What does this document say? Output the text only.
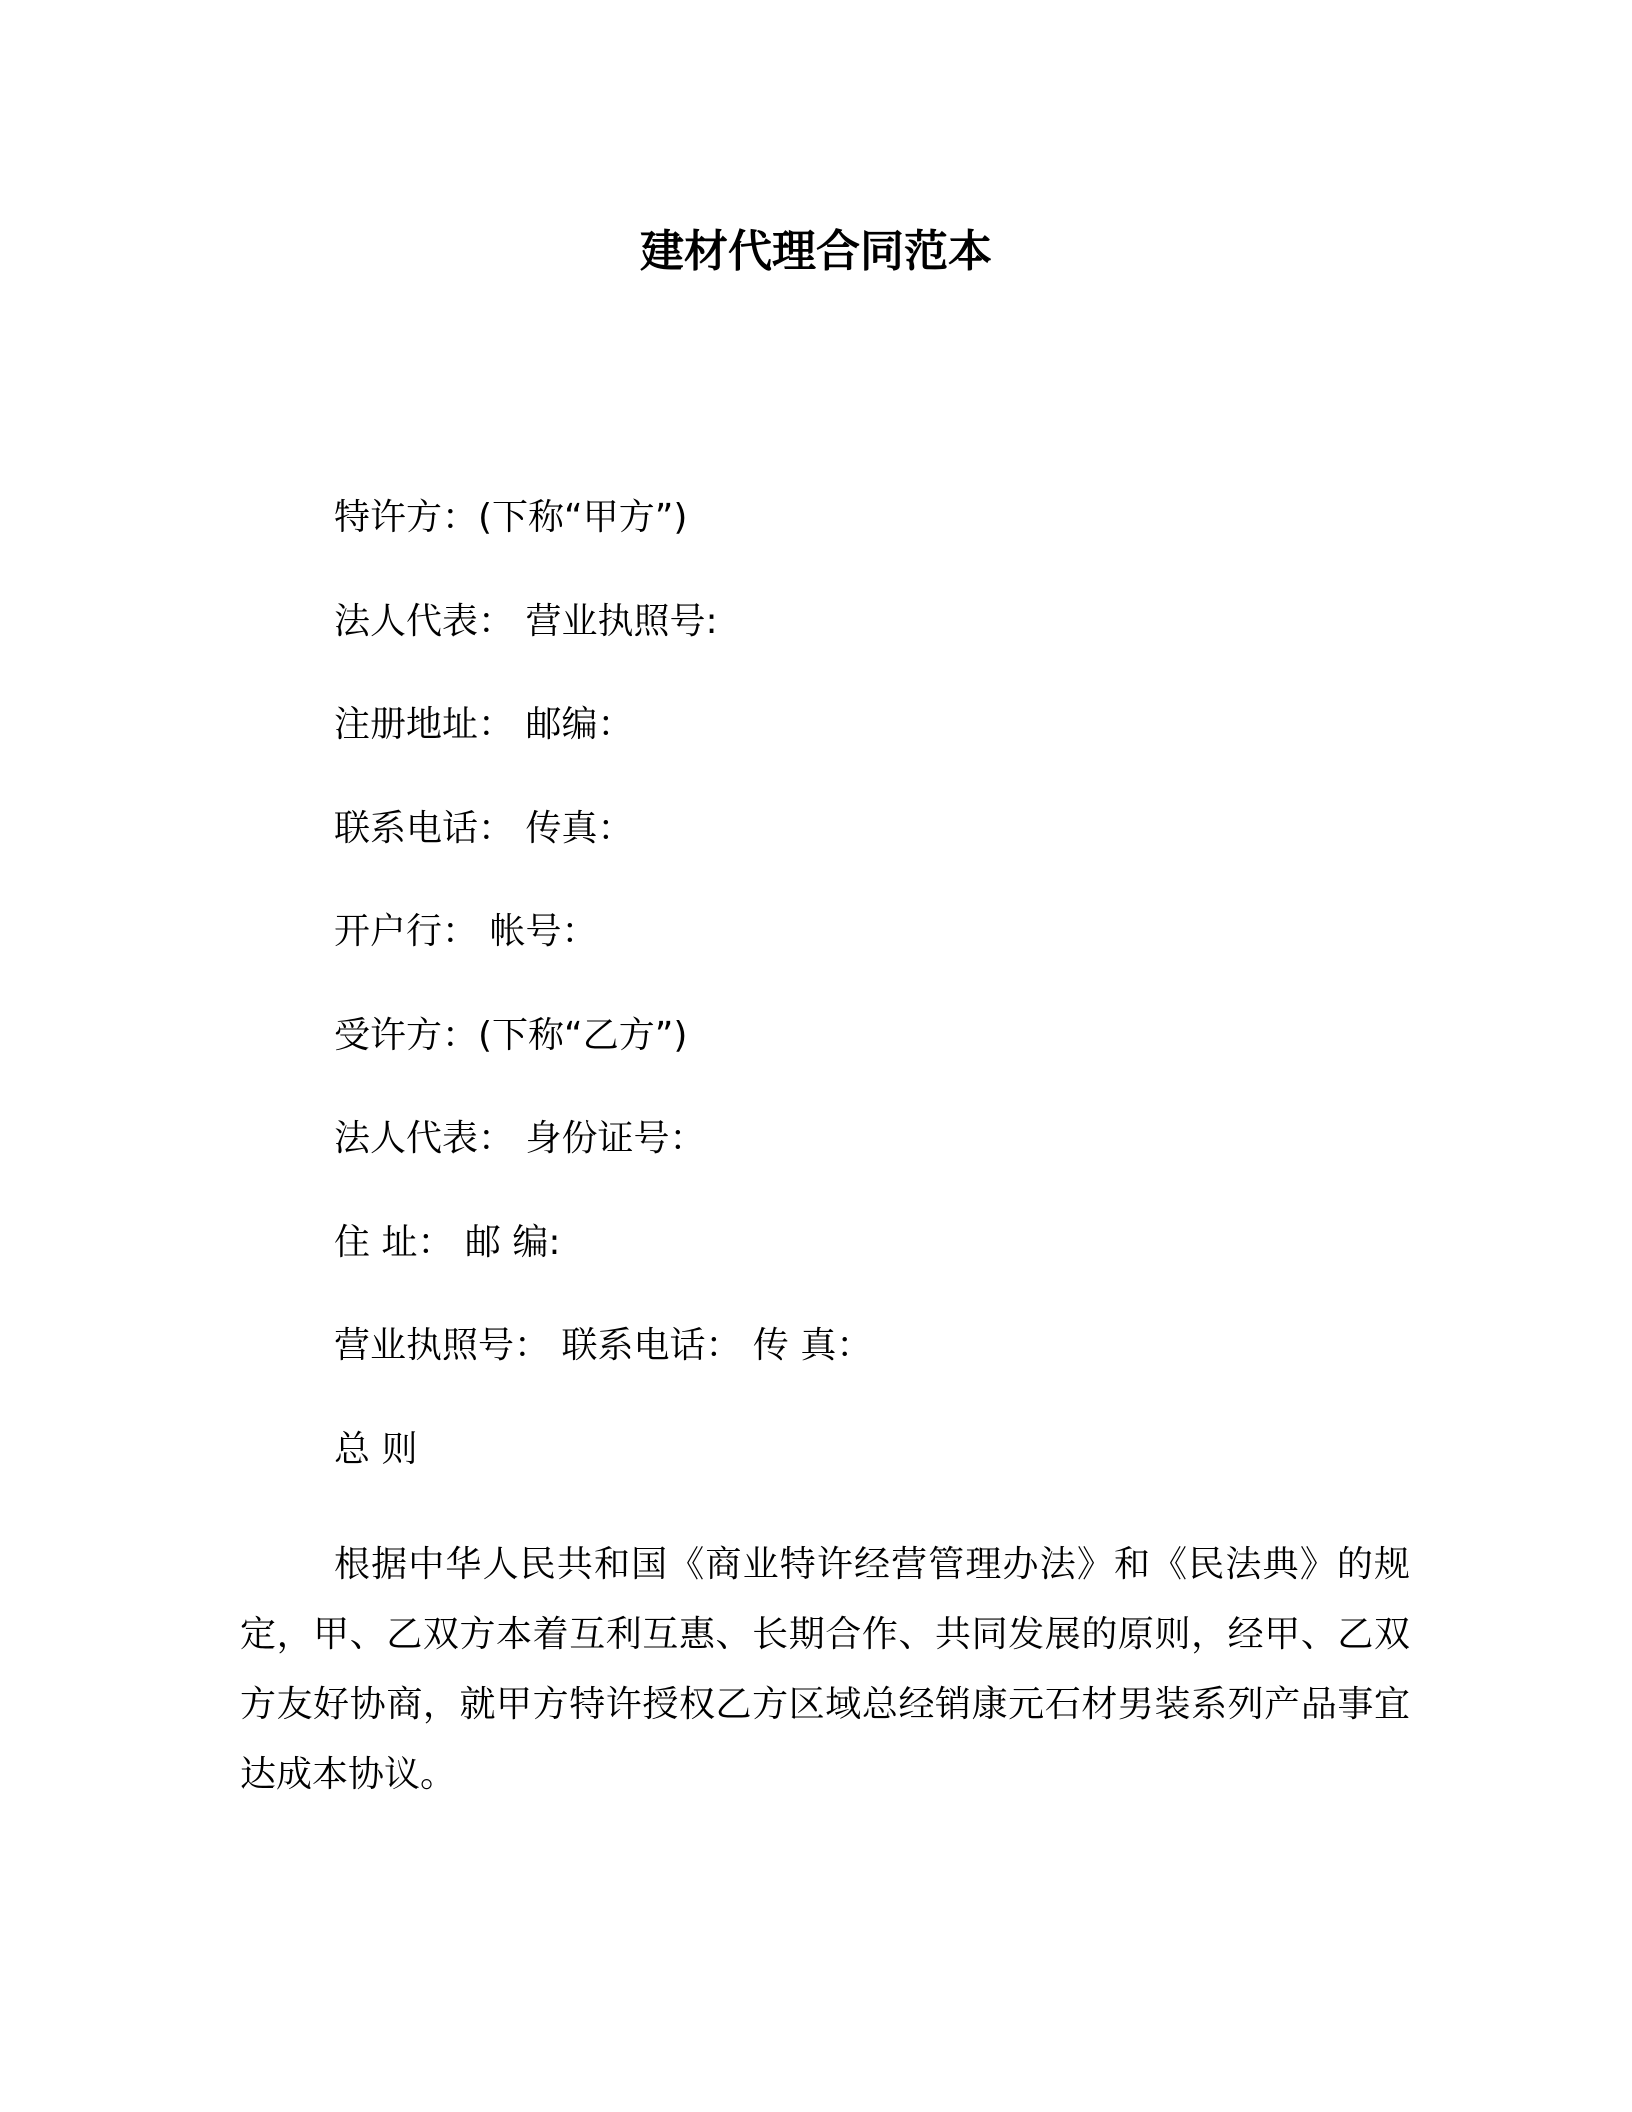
建材代理合同范本
特许方：(下称“甲方”)
法人代表： 营业执照号:
注册地址： 邮编：
联系电话： 传真：
开户行： 帐号：
受许方：(下称“乙方”)
法人代表： 身份证号：
住 址： 邮 编:
营业执照号： 联系电话： 传 真：
总 则
根据中华人民共和国《商业特许经营管理办法》和《民法典》的规定，甲、乙双方本着互利互惠、长期合作、共同发展的原则，经甲、乙双方友好协商，就甲方特许授权乙方区域总经销康元石材男装系列产品事宜达成本协议。
